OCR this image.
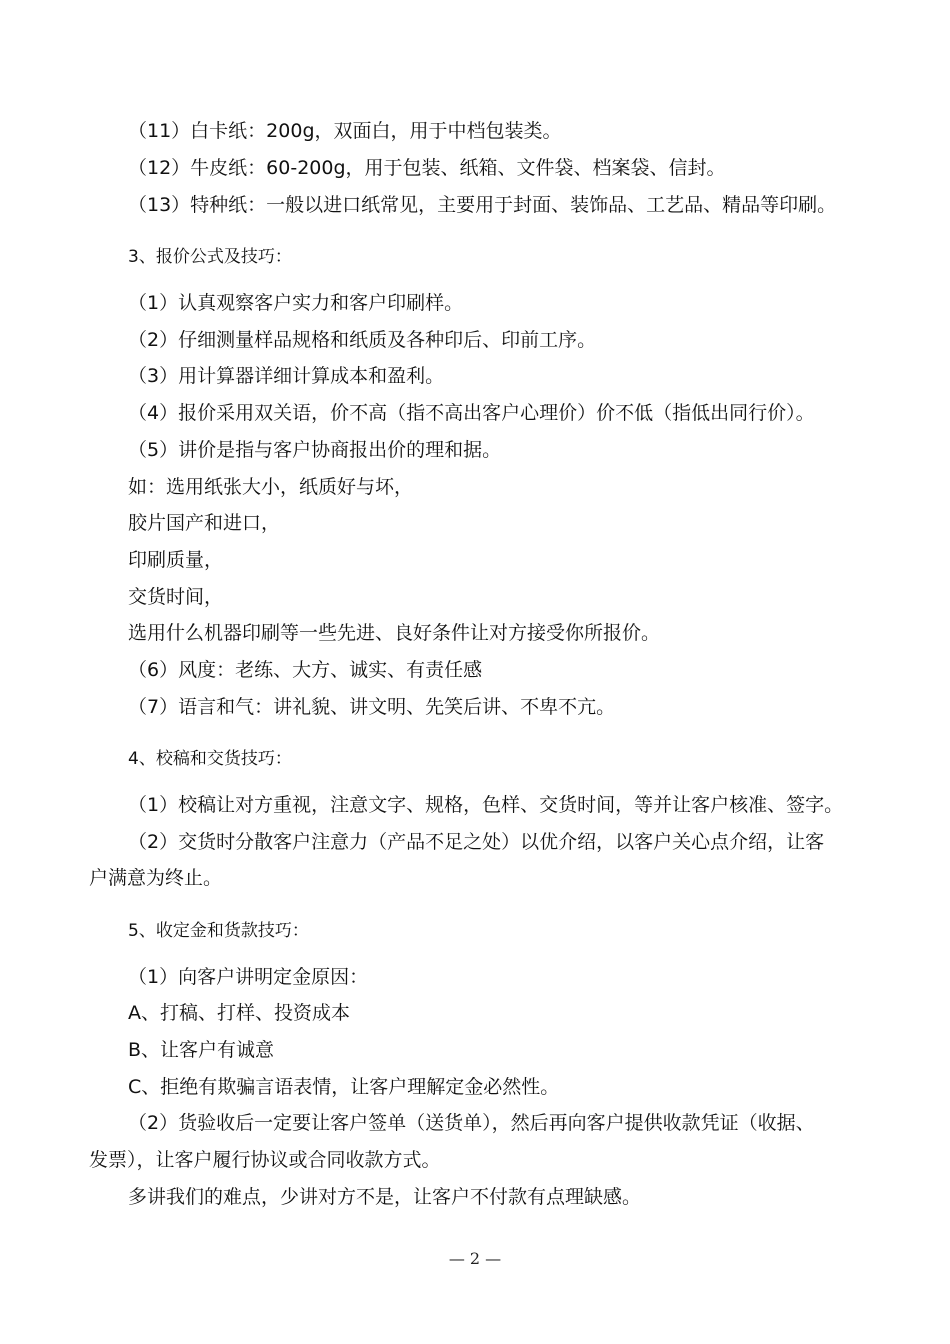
（11）白卡纸：200g，双面白，用于中档包装类。
（12）牛皮纸：60-200g，用于包装、纸箱、文件袋、档案袋、信封。
（13）特种纸：一般以进口纸常见，主要用于封面、装饰品、工艺品、精品等印刷。
3、报价公式及技巧：
（1）认真观察客户实力和客户印刷样。
（2）仔细测量样品规格和纸质及各种印后、印前工序。
（3）用计算器详细计算成本和盈利。
（4）报价采用双关语，价不高（指不高出客户心理价）价不低（指低出同行价）。
（5）讲价是指与客户协商报出价的理和据。
如：选用纸张大小，纸质好与坏，
胶片国产和进口，
印刷质量，
交货时间，
选用什么机器印刷等一些先进、良好条件让对方接受你所报价。
（6）风度：老练、大方、诚实、有责任感
（7）语言和气：讲礼貌、讲文明、先笑后讲、不卑不亢。
4、校稿和交货技巧：
（1）校稿让对方重视，注意文字、规格，色样、交货时间，等并让客户核准、签字。
（2）交货时分散客户注意力（产品不足之处）以优介绍，以客户关心点介绍，让客
户满意为终止。
5、收定金和货款技巧：
（1）向客户讲明定金原因：
A、打稿、打样、投资成本
B、让客户有诚意
C、拒绝有欺骗言语表情，让客户理解定金必然性。
（2）货验收后一定要让客户签单（送货单），然后再向客户提供收款凭证（收据、
发票），让客户履行协议或合同收款方式。
多讲我们的难点，少讲对方不是，让客户不付款有点理缺感。
— 2 —
